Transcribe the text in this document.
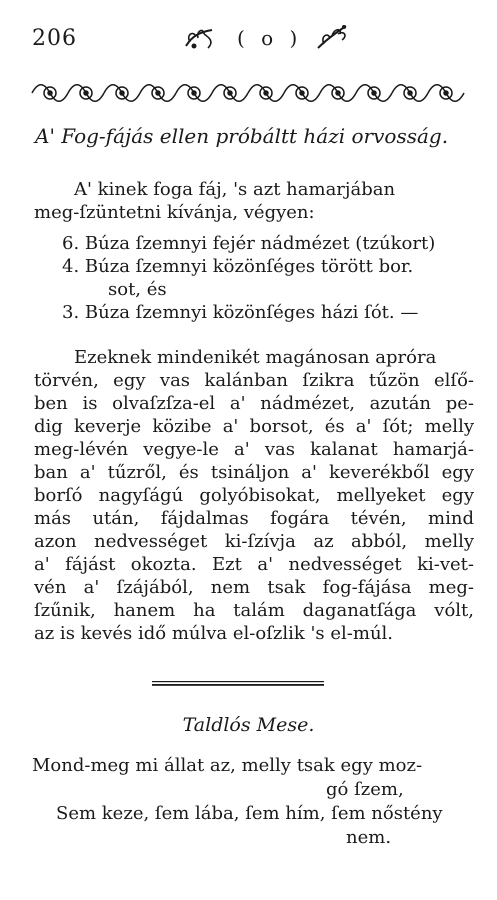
206	( o )
A' Fog-fájás ellen próbáltt házi orvosság.
A' kinek foga fáj, 's azt hamarjában
meg-ſzüntetni kívánja, végyen:
6. Búza ſzemnyi fejér nádmézet (tzúkort)
4. Búza ſzemnyi közönſéges törött bor.
sot, és
3. Búza ſzemnyi közönſéges házi ſót. —
Ezeknek mindenikét magánosan apróra
törvén, egy vas kalánban ſzikra tűzön elſő-
ben is olvaſzſza-el a' nádmézet, azután pe-
dig keverje közibe a' borsot, és a' ſót; melly
meg-lévén vegye-le a' vas kalanat hamarjá-
ban a' tűzről, és tsináljon a' keverékből egy
borſó nagyſágú golyóbisokat, mellyeket egy
más után, fájdalmas fogára tévén, mind
azon nedvességet ki-ſzívja az abból, melly
a' fájást okozta. Ezt a' nedvességet ki-vet-
vén a' ſzájából, nem tsak fog-fájása meg-
ſzűnik, hanem ha talám daganatſága vólt,
az is kevés idő múlva el-oſzlik 's el-múl.
Taldlós Mese.
Mond-meg mi állat az, melly tsak egy moz-
gó ſzem,
Sem keze, ſem lába, ſem hím, ſem nőstény
nem.
